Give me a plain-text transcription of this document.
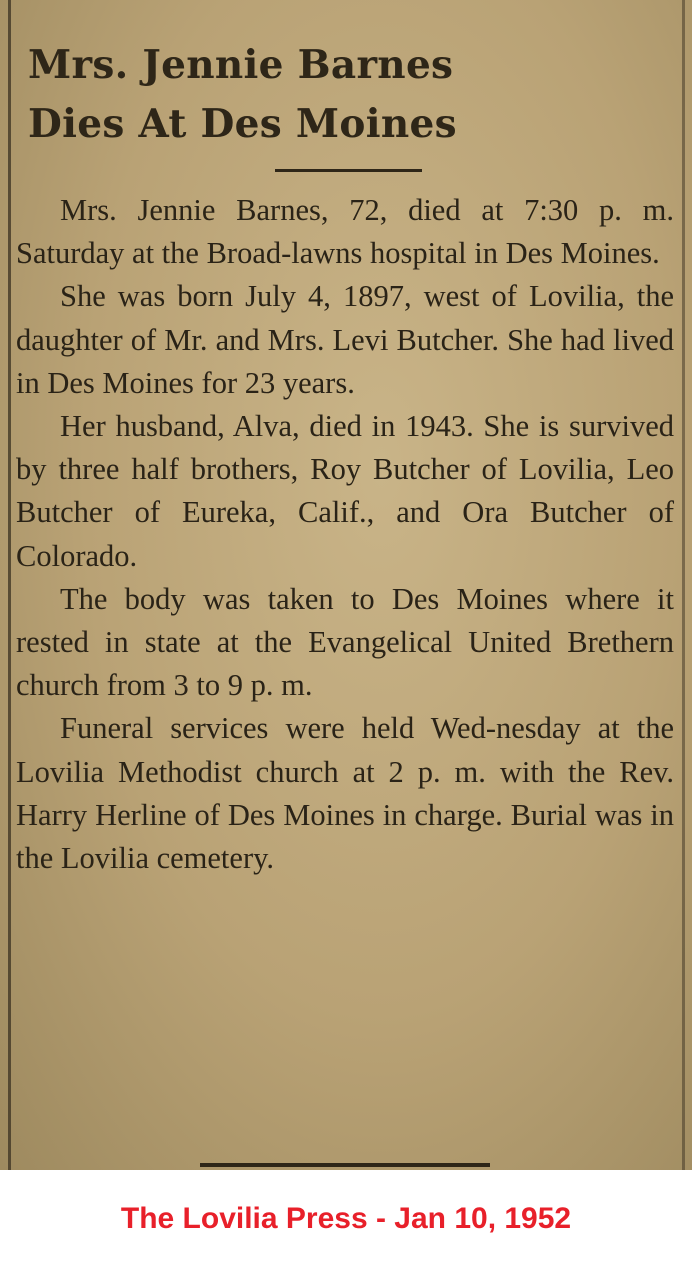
Mrs. Jennie Barnes
Dies At Des Moines

Mrs. Jennie Barnes, 72, died at 7:30 p. m. Saturday at the Broad-lawns hospital in Des Moines.

She was born July 4, 1897, west of Lovilia, the daughter of Mr. and Mrs. Levi Butcher. She had lived in Des Moines for 23 years.

Her husband, Alva, died in 1943. She is survived by three half brothers, Roy Butcher of Lovilia, Leo Butcher of Eureka, Calif., and Ora Butcher of Colorado.

The body was taken to Des Moines where it rested in state at the Evangelical United Brethern church from 3 to 9 p. m.

Funeral services were held Wed-nesday at the Lovilia Methodist church at 2 p. m. with the Rev. Harry Herline of Des Moines in charge. Burial was in the Lovilia cemetery.

The Lovilia Press - Jan 10, 1952
